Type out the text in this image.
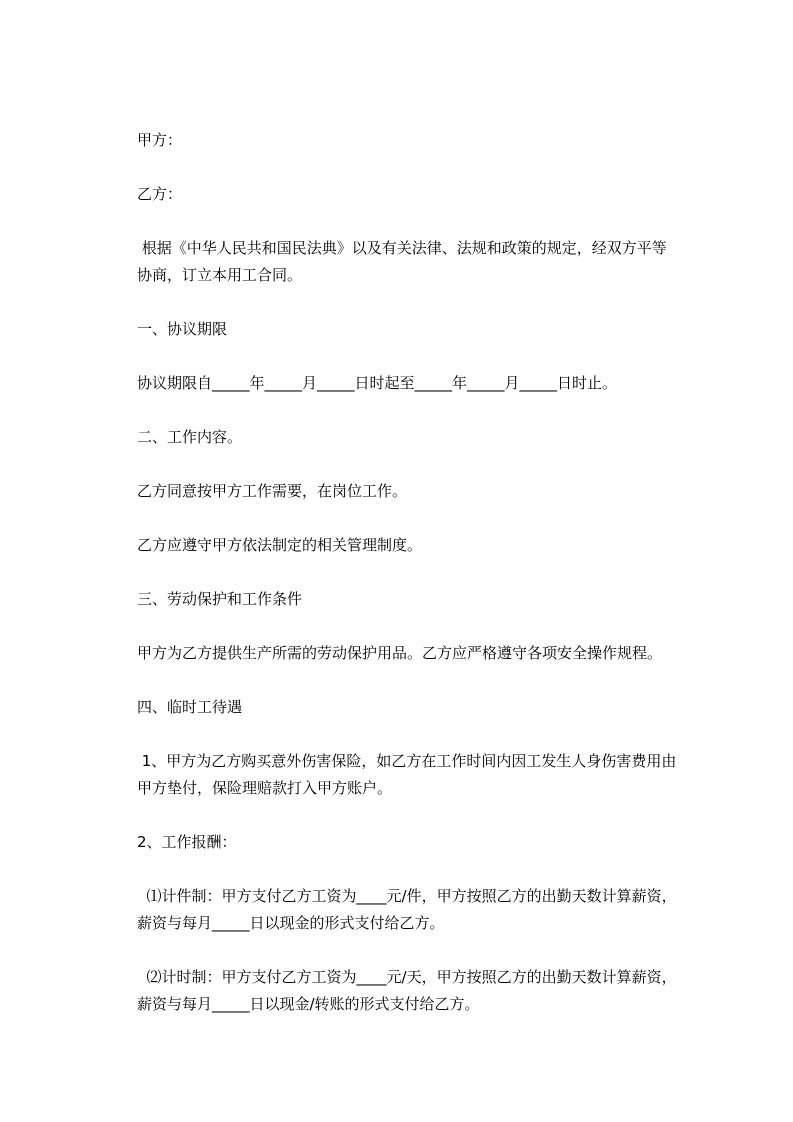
甲方：
乙方：
根据《中华人民共和国民法典》以及有关法律、法规和政策的规定，经双方平等
协商，订立本用工合同。
一、协议期限
协议期限自_____年_____月_____日时起至_____年_____月_____日时止。
二、工作内容。
乙方同意按甲方工作需要，在岗位工作。
乙方应遵守甲方依法制定的相关管理制度。
三、劳动保护和工作条件
甲方为乙方提供生产所需的劳动保护用品。乙方应严格遵守各项安全操作规程。
四、临时工待遇
1、甲方为乙方购买意外伤害保险，如乙方在工作时间内因工发生人身伤害费用由
甲方垫付，保险理赔款打入甲方账户。
2、工作报酬：
⑴计件制：甲方支付乙方工资为____元/件，甲方按照乙方的出勤天数计算薪资，
薪资与每月_____日以现金的形式支付给乙方。
⑵计时制：甲方支付乙方工资为____元/天，甲方按照乙方的出勤天数计算薪资，
薪资与每月_____日以现金/转账的形式支付给乙方。
